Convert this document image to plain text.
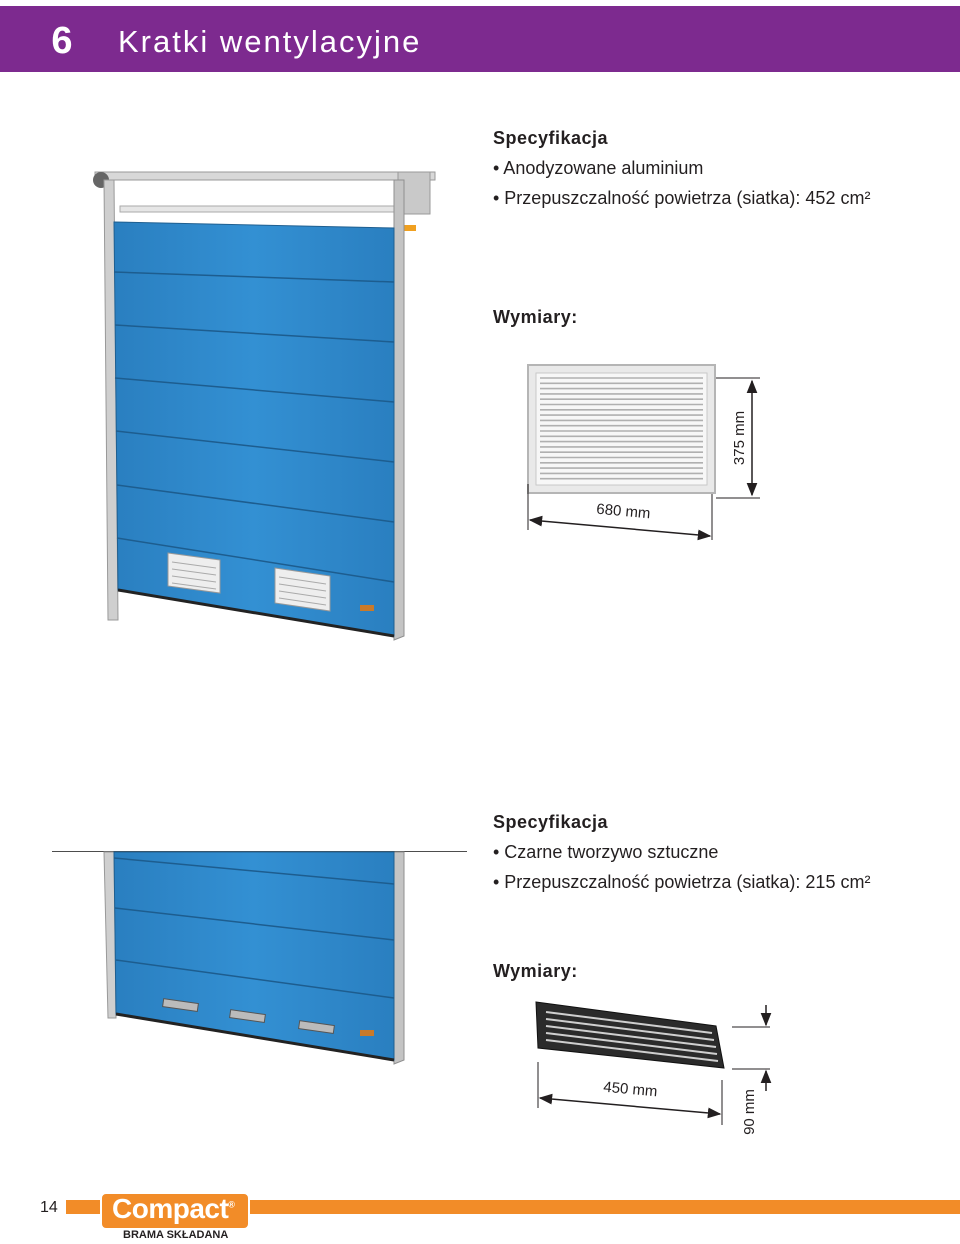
6	Kratki wentylacyjne
Specyfikacja
• Anodyzowane aluminium
• Przepuszczalność powietrza (siatka): 452 cm²
Wymiary:
Specyfikacja
• Czarne tworzywo sztuczne
• Przepuszczalność powietrza (siatka): 215 cm²
Wymiary:
680 mm
375 mm
450 mm	90 mm
14 Compact®
BRAMA SKŁADANA
